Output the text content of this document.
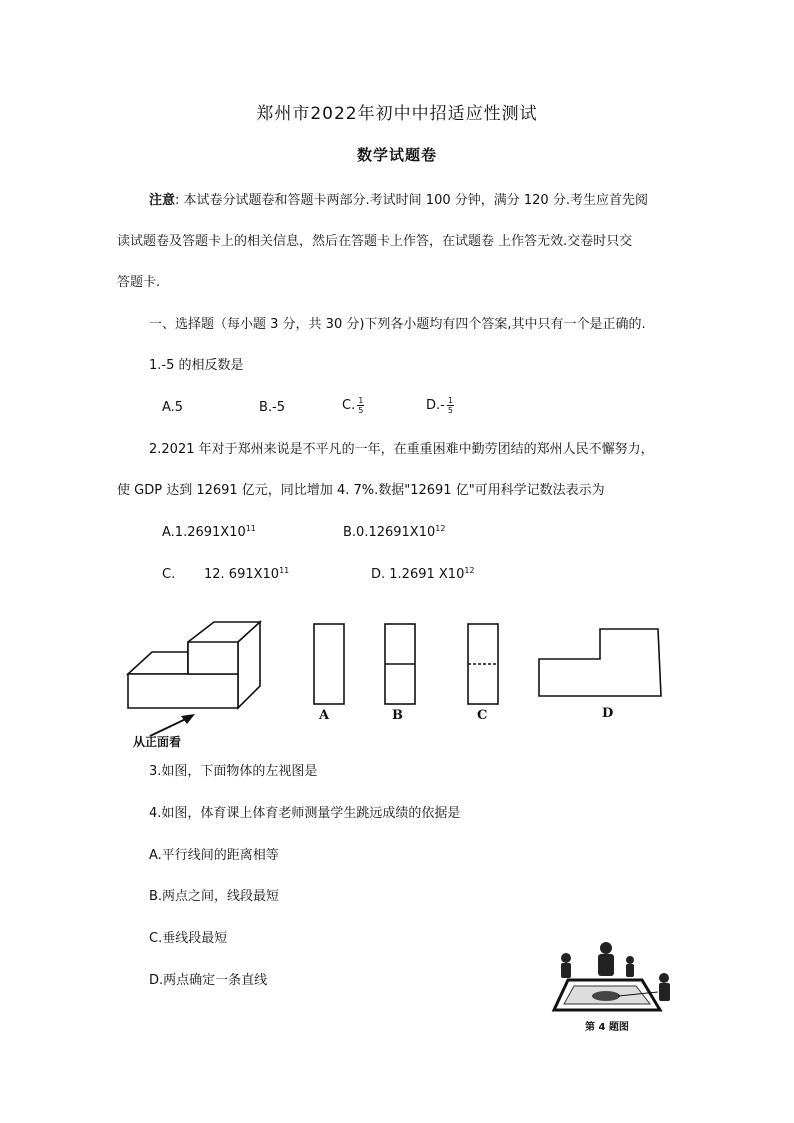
郑州市2022年初中中招适应性测试
数学试题卷
注意: 本试卷分试题卷和答题卡两部分.考试时间 100 分钟，满分 120 分.考生应首先阅
读试题卷及答题卡上的相关信息，然后在答题卡上作答，在试题卷 上作答无效.交卷时只交
答题卡.
一、选择题（每小题 3 分，共 30 分)下列各小题均有四个答案,其中只有一个是正确的.
1.-5 的相反数是
A.5	B.-5	C. $\frac{1}{5}$	$D.- \frac{1}{5}$
2.2021 年对于郑州来说是不平凡的一年，在重重困难中勤劳团结的郑州人民不懈努力，
使 GDP 达到 12691 亿元，同比增加 4. 7%.数据"12691 亿"可用科学记数法表示为
$A.1.2691X10^{11}$	$B.0.12691X10^{12}$
C. 12. $691X10^{11}$	D. 1.2691 $X10^{12}$
从正面看
A	B	C	D
3.如图，下面物体的左视图是
4.如图，体育课上体育老师测量学生跳远成绩的依据是
A.平行线间的距离相等
B.两点之间，线段最短
C.垂线段最短
D.两点确定一条直线
第 4 题图
